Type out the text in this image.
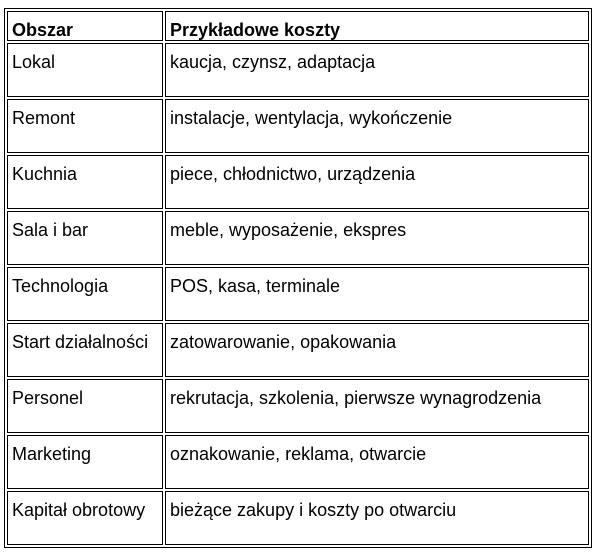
Obszar	Przykładowe koszty
Lokal	kaucja, czynsz, adaptacja
Remont	instalacje, wentylacja, wykończenie
Kuchnia	piece, chłodnictwo, urządzenia
Sala i bar	meble, wyposażenie, ekspres
Technologia	POS, kasa, terminale
Start działalności	zatowarowanie, opakowania
Personel	rekrutacja, szkolenia, pierwsze wynagrodzenia
Marketing	oznakowanie, reklama, otwarcie
Kapitał obrotowy	bieżące zakupy i koszty po otwarciu
